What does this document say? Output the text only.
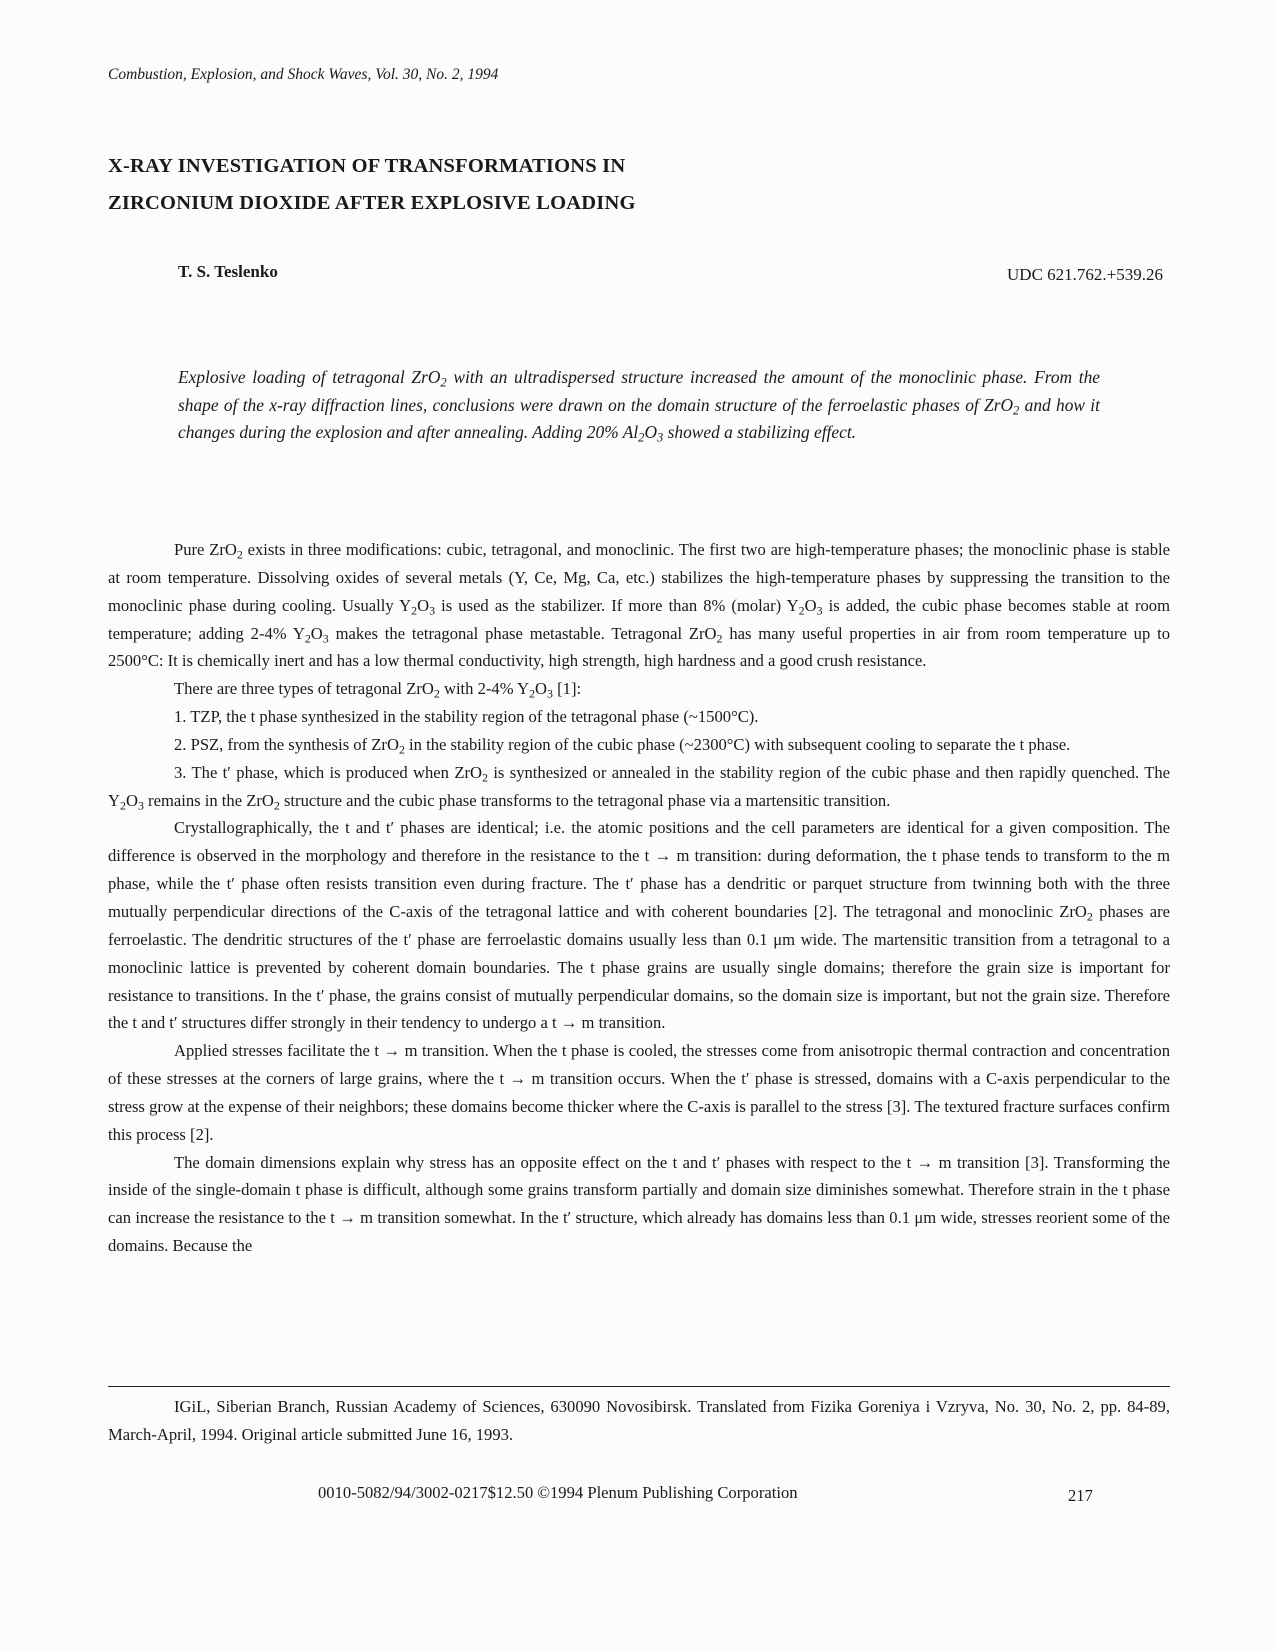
Combustion, Explosion, and Shock Waves, Vol. 30, No. 2, 1994
X-RAY INVESTIGATION OF TRANSFORMATIONS IN
ZIRCONIUM DIOXIDE AFTER EXPLOSIVE LOADING
T. S. Teslenko	UDC 621.762.+539.26
Explosive loading of tetragonal ZrO$_2$ with an ultradispersed structure increased the amount of the monoclinic phase. From the shape of the x-ray diffraction lines, conclusions were drawn on the domain structure of the ferroelastic phases of ZrO$_2$ and how it changes during the explosion and after annealing. Adding 20% $Al_2O_3$ showed a stabilizing effect.

Pure ZrO$_2$ exists in three modifications: cubic, tetragonal, and monoclinic. The first two are high-temperature phases; the monoclinic phase is stable at room temperature. Dissolving oxides of several metals (Y, Ce, Mg, Ca, etc.) stabilizes the high-temperature phases by suppressing the transition to the monoclinic phase during cooling. Usually $Y_2O_3$ is used as the stabilizer. If more than 8% (molar) $Y_2O_3$ is added, the cubic phase becomes stable at room temperature; adding 2-4% $Y_2O_3$ makes the tetragonal phase metastable. Tetragonal ZrO$_2$ has many useful properties in air from room temperature up to 2500°C: It is chemically inert and has a low thermal conductivity, high strength, high hardness and a good crush resistance.

There are three types of tetragonal ZrO$_2$ with 2-4% $Y_2O_3$ [1]:

1. TZP, the t phase synthesized in the stability region of the tetragonal phase (~1500°C).

2. PSZ, from the synthesis of ZrO$_2$ in the stability region of the cubic phase (~2300°C) with subsequent cooling to separate the t phase.

3. The t′ phase, which is produced when ZrO$_2$ is synthesized or annealed in the stability region of the cubic phase and then rapidly quenched. The $Y_2O_3$ remains in the ZrO$_2$ structure and the cubic phase transforms to the tetragonal phase via a martensitic transition.

Crystallographically, the t and t′ phases are identical; i.e. the atomic positions and the cell parameters are identical for a given composition. The difference is observed in the morphology and therefore in the resistance to the t → m transition: during deformation, the t phase tends to transform to the m phase, while the t′ phase often resists transition even during fracture. The t′ phase has a dendritic or parquet structure from twinning both with the three mutually perpendicular directions of the C-axis of the tetragonal lattice and with coherent boundaries [2]. The tetragonal and monoclinic ZrO$_2$ phases are ferroelastic. The dendritic structures of the t′ phase are ferroelastic domains usually less than 0.1 μm wide. The martensitic transition from a tetragonal to a monoclinic lattice is prevented by coherent domain boundaries. The t phase grains are usually single domains; therefore the grain size is important for resistance to transitions. In the t′ phase, the grains consist of mutually perpendicular domains, so the domain size is important, but not the grain size. Therefore the t and t′ structures differ strongly in their tendency to undergo a t → m transition.

Applied stresses facilitate the t → m transition. When the t phase is cooled, the stresses come from anisotropic thermal contraction and concentration of these stresses at the corners of large grains, where the t → m transition occurs. When the t′ phase is stressed, domains with a C-axis perpendicular to the stress grow at the expense of their neighbors; these domains become thicker where the C-axis is parallel to the stress [3]. The textured fracture surfaces confirm this process [2].

The domain dimensions explain why stress has an opposite effect on the t and t′ phases with respect to the t → m transition [3]. Transforming the inside of the single-domain t phase is difficult, although some grains transform partially and domain size diminishes somewhat. Therefore strain in the t phase can increase the resistance to the t → m transition somewhat. In the t′ structure, which already has domains less than 0.1 μm wide, stresses reorient some of the domains. Because the

IGiL, Siberian Branch, Russian Academy of Sciences, 630090 Novosibirsk. Translated from Fizika Goreniya i Vzryva, No. 30, No. 2, pp. 84-89, March-April, 1994. Original article submitted June 16, 1993.

0010-5082/94/3002-0217$12.50 ©1994 Plenum Publishing Corporation	217
